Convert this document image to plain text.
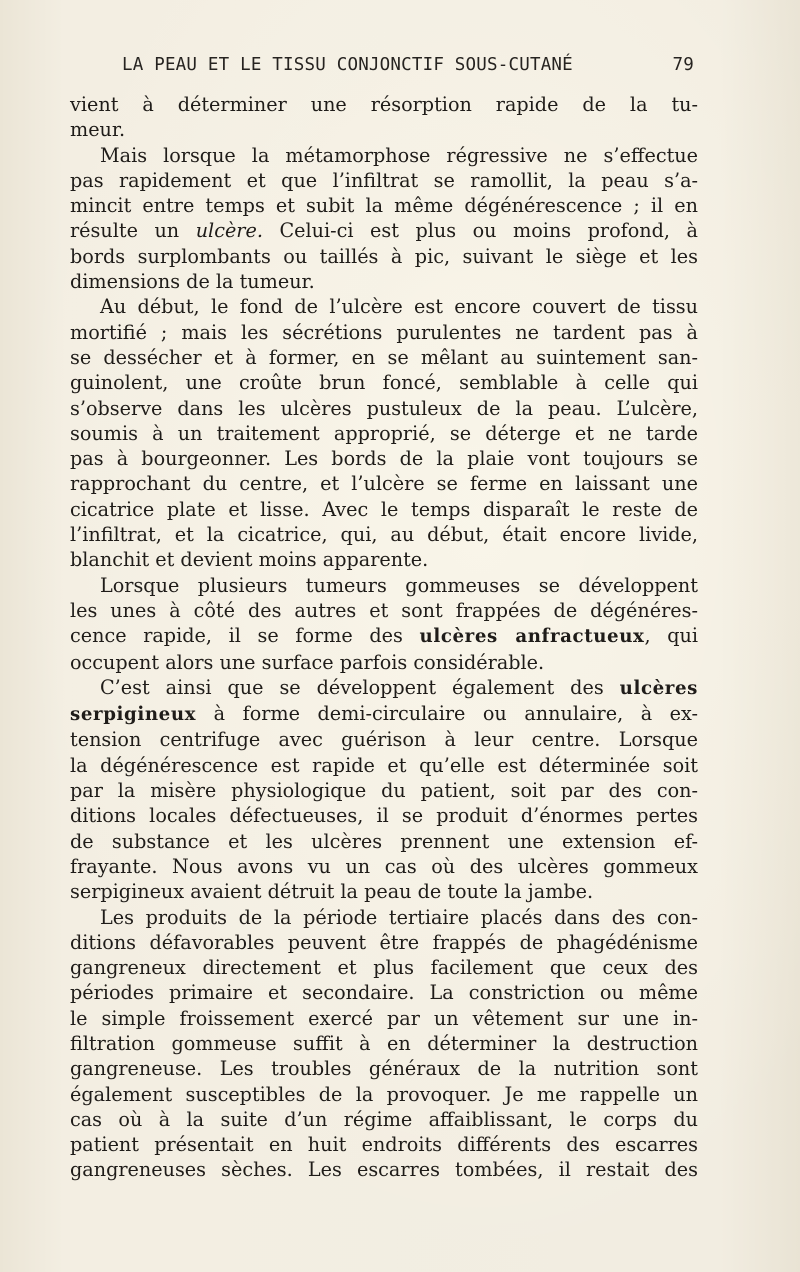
LA PEAU ET LE TISSU CONJONCTIF SOUS-CUTANÉ	79
vient à déterminer une résorption rapide de la tu-
meur.
Mais lorsque la métamorphose régressive ne s’effectue
pas rapidement et que l’infiltrat se ramollit, la peau s’a-
mincit entre temps et subit la même dégénérescence ; il en
résulte un ulcère. Celui-ci est plus ou moins profond, à
bords surplombants ou taillés à pic, suivant le siège et les
dimensions de la tumeur.
Au début, le fond de l’ulcère est encore couvert de tissu
mortifié ; mais les sécrétions purulentes ne tardent pas à
se dessécher et à former, en se mêlant au suintement san-
guinolent, une croûte brun foncé, semblable à celle qui
s’observe dans les ulcères pustuleux de la peau. L’ulcère,
soumis à un traitement approprié, se déterge et ne tarde
pas à bourgeonner. Les bords de la plaie vont toujours se
rapprochant du centre, et l’ulcère se ferme en laissant une
cicatrice plate et lisse. Avec le temps disparaît le reste de
l’infiltrat, et la cicatrice, qui, au début, était encore livide,
blanchit et devient moins apparente.
Lorsque plusieurs tumeurs gommeuses se développent
les unes à côté des autres et sont frappées de dégénéres-
cence rapide, il se forme des ulcères anfractueux, qui
occupent alors une surface parfois considérable.
C’est ainsi que se développent également des ulcères
serpigineux à forme demi-circulaire ou annulaire, à ex-
tension centrifuge avec guérison à leur centre. Lorsque
la dégénérescence est rapide et qu’elle est déterminée soit
par la misère physiologique du patient, soit par des con-
ditions locales défectueuses, il se produit d’énormes pertes
de substance et les ulcères prennent une extension ef-
frayante. Nous avons vu un cas où des ulcères gommeux
serpigineux avaient détruit la peau de toute la jambe.
Les produits de la période tertiaire placés dans des con-
ditions défavorables peuvent être frappés de phagédénisme
gangreneux directement et plus facilement que ceux des
périodes primaire et secondaire. La constriction ou même
le simple froissement exercé par un vêtement sur une in-
filtration gommeuse suffit à en déterminer la destruction
gangreneuse. Les troubles généraux de la nutrition sont
également susceptibles de la provoquer. Je me rappelle un
cas où à la suite d’un régime affaiblissant, le corps du
patient présentait en huit endroits différents des escarres
gangreneuses sèches. Les escarres tombées, il restait des
